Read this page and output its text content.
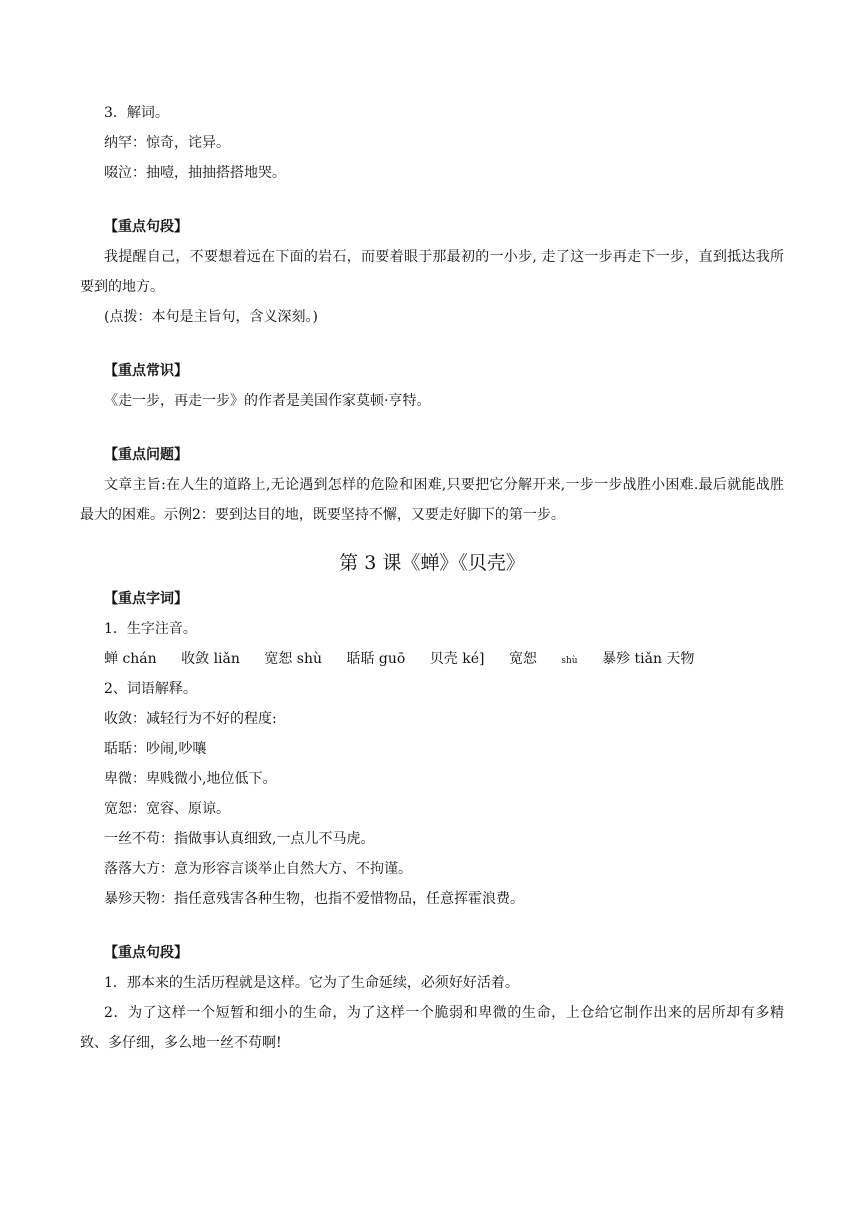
3．解词。
纳罕：惊奇，诧异。
啜泣：抽噎，抽抽搭搭地哭。
【重点句段】
我提醒自己，不要想着远在下面的岩石，而要着眼于那最初的一小步, 走了这一步再走下一步，直到抵达我所要到的地方。
(点拨：本句是主旨句，含义深刻。)
【重点常识】
《走一步，再走一步》的作者是美国作家莫顿·亨特。
【重点问题】
文章主旨:在人生的道路上,无论遇到怎样的危险和困难,只要把它分解开来,一步一步战胜小困难.最后就能战胜最大的困难。示例2：要到达目的地，既要坚持不懈，又要走好脚下的第一步。
第 3 课《蝉》《贝壳》
【重点字词】
1．生字注音。
蝉 chán 收敛 liǎn 宽恕 shù 聒聒 guō 贝壳 ké] 宽恕	shù 暴殄 tiǎn 天物
2、词语解释。
收敛：减轻行为不好的程度:
聒聒：吵闹,吵嚷
卑微：卑贱微小,地位低下。
宽恕：宽容、原谅。
一丝不苟：指做事认真细致,一点儿不马虎。
落落大方：意为形容言谈举止自然大方、不拘谨。
暴殄天物：指任意残害各种生物，也指不爱惜物品，任意挥霍浪费。
【重点句段】
1．那本来的生活历程就是这样。它为了生命延续，必须好好活着。
2．为了这样一个短暂和细小的生命，为了这样一个脆弱和卑微的生命，上仓给它制作出来的居所却有多精致、多仔细，多么地一丝不苟啊!
